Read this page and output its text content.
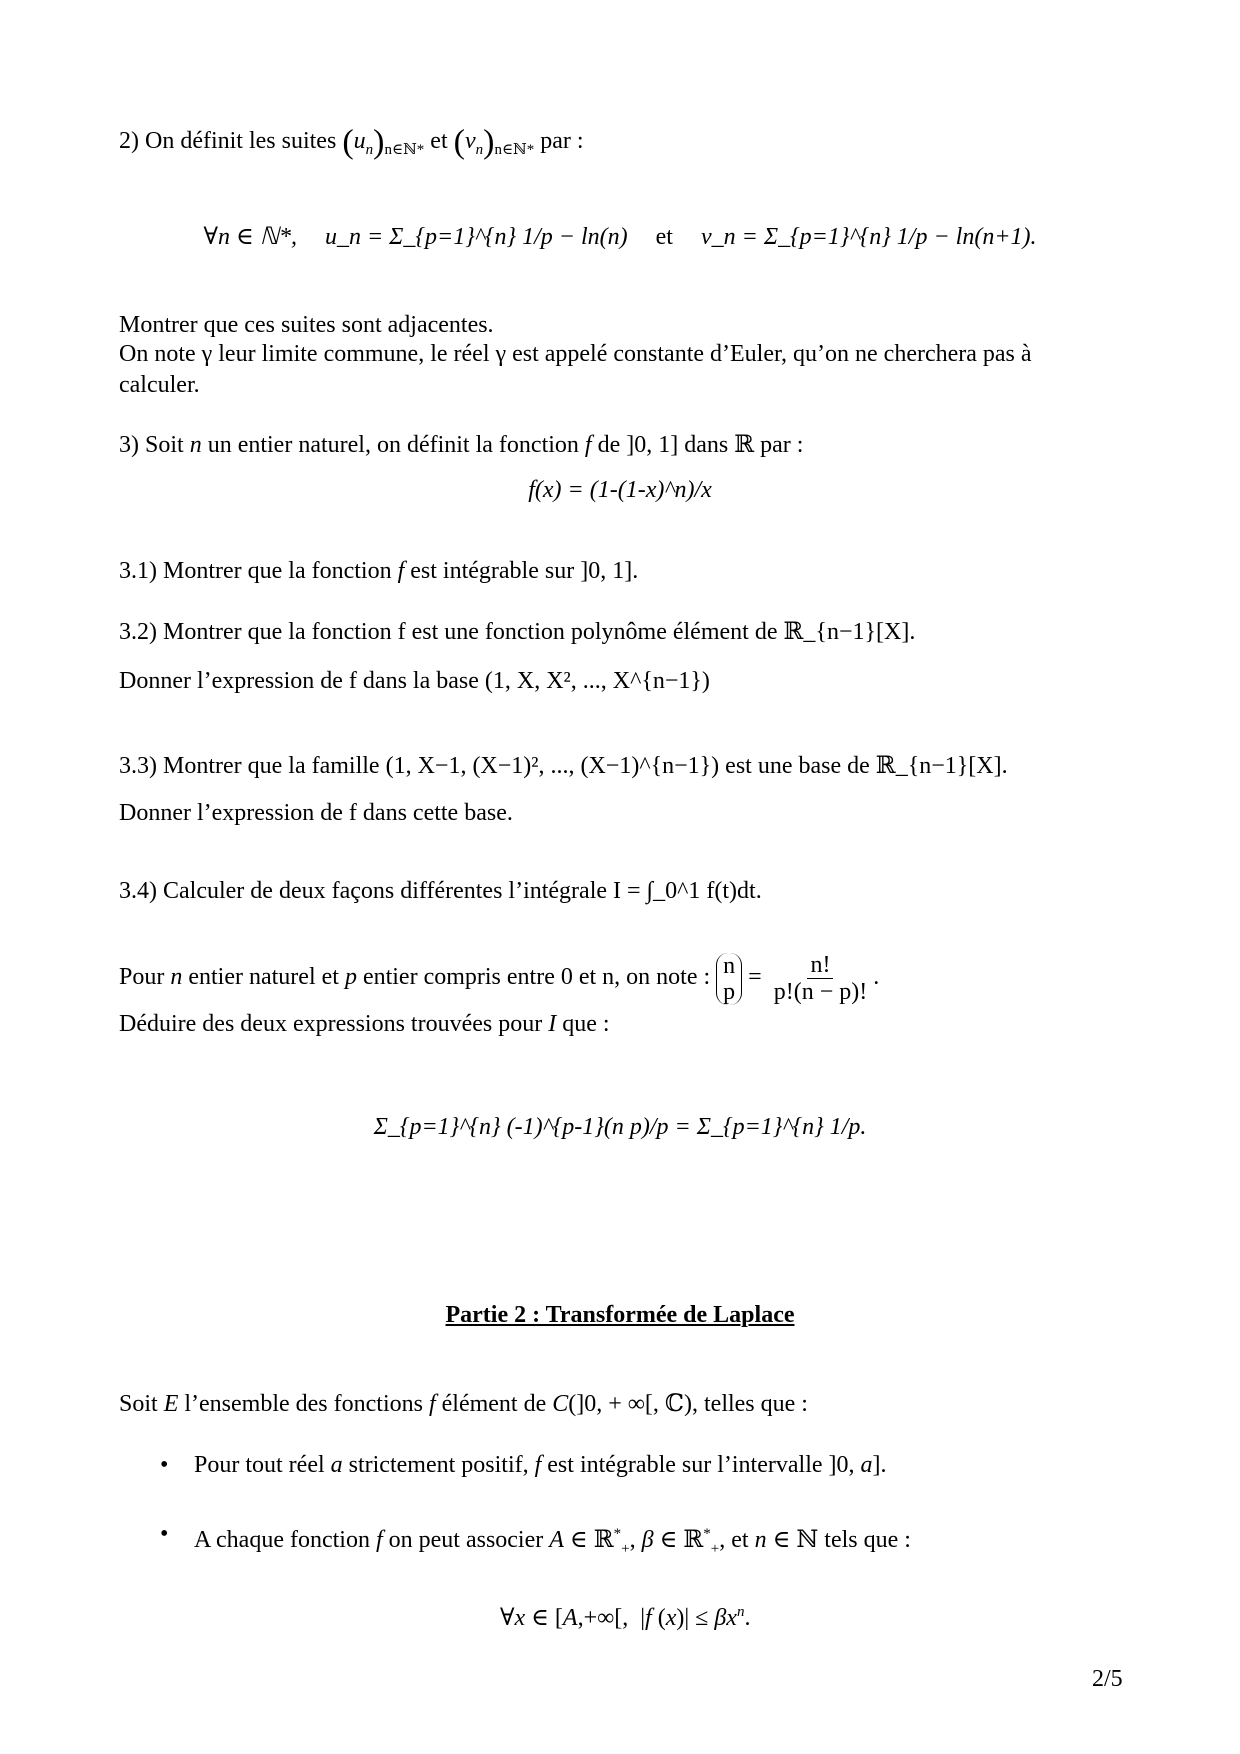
2) On définit les suites $(u_n)_{n\in ℕ*}$ et $(v_n)_{n\in ℕ*}$ par :
∀n ∈ ℕ*, u_n = Σ_{p=1}^{n} 1/p − ln(n) et v_n = Σ_{p=1}^{n} 1/p − ln(n+1).
Montrer que ces suites sont adjacentes.
On note γ leur limite commune, le réel γ est appelé constante d’Euler, qu’on ne cherchera pas à
calculer.
3) Soit n un entier naturel, on définit la fonction f de ]0, 1] dans ℝ par :
f(x) = (1-(1-x)^n)/x
3.1) Montrer que la fonction f est intégrable sur ]0, 1].
3.2) Montrer que la fonction f est une fonction polynôme élément de ℝ_{n−1}[X].
Donner l’expression de f dans la base (1, X, X², ..., X^{n−1})
3.3) Montrer que la famille (1, X−1, (X−1)², ..., (X−1)^{n−1}) est une base de ℝ_{n−1}[X].
Donner l’expression de f dans cette base.
3.4) Calculer de deux façons différentes l’intégrale I = ∫_0^1 f(t)dt.
Pour n entier naturel et p entier compris entre 0 et n, on note : n
p
= $\frac{n!}{p!(n - p)!}$ .
Déduire des deux expressions trouvées pour I que :
Σ_{p=1}^{n} (-1)^{p-1}(n p)/p = Σ_{p=1}^{n} 1/p.
Partie 2 : Transformée de Laplace
Soit E l’ensemble des fonctions f élément de C(]0, + ∞[, ℂ), telles que :
• Pour tout réel a strictement positif, f est intégrable sur l’intervalle ]0, a].
• A chaque fonction f on peut associer A ∈ ℝ*$_+$, β ∈ ℝ*$_+$, et n ∈ ℕ tels que :
∀x ∈ [A,+∞[,  |f $(x)| \le \beta x^n$.
2/5
